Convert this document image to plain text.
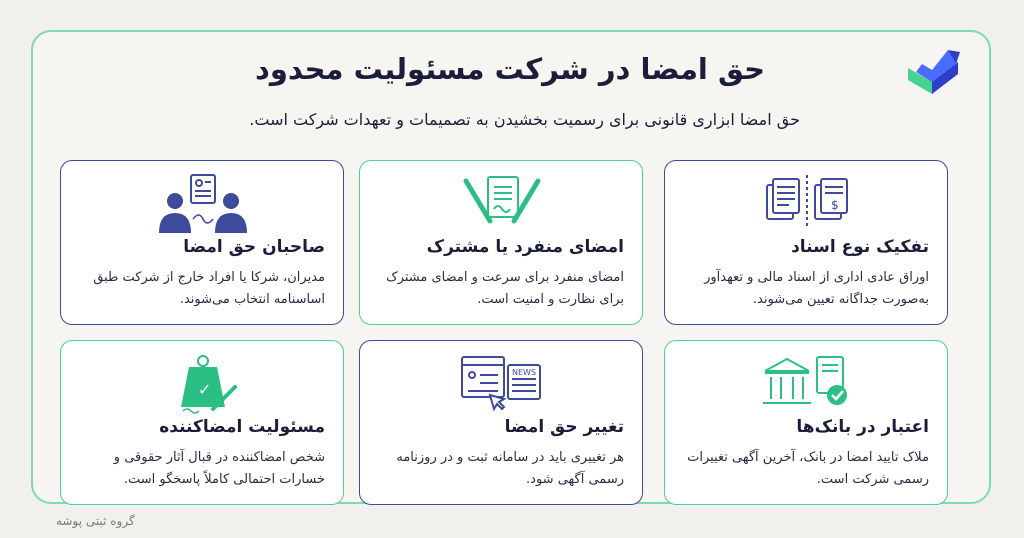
حق امضا در شرکت مسئولیت محدود
حق امضا ابزاری قانونی برای رسمیت بخشیدن به تصمیمات و تعهدات شرکت است.
$
تفکیک نوع اسناد
اوراق عادی اداری از اسناد مالی و تعهدآور به‌صورت جداگانه تعیین می‌شوند.
امضای منفرد یا مشترک
امضای منفرد برای سرعت و امضای مشترک برای نظارت و امنیت است.
صاحبان حق امضا
مدیران، شرکا یا افراد خارج از شرکت طبق اساسنامه انتخاب می‌شوند.
اعتبار در بانک‌ها
ملاک تایید امضا در بانک، آخرین آگهی تغییرات رسمی شرکت است.
NEWS
تغییر حق امضا
هر تغییری باید در سامانه ثبت و در روزنامه رسمی آگهی شود.
✓
مسئولیت امضاکننده
شخص امضاکننده در قبال آثار حقوقی و خسارات احتمالی کاملاً پاسخگو است.
گروه ثبتی پوشه
